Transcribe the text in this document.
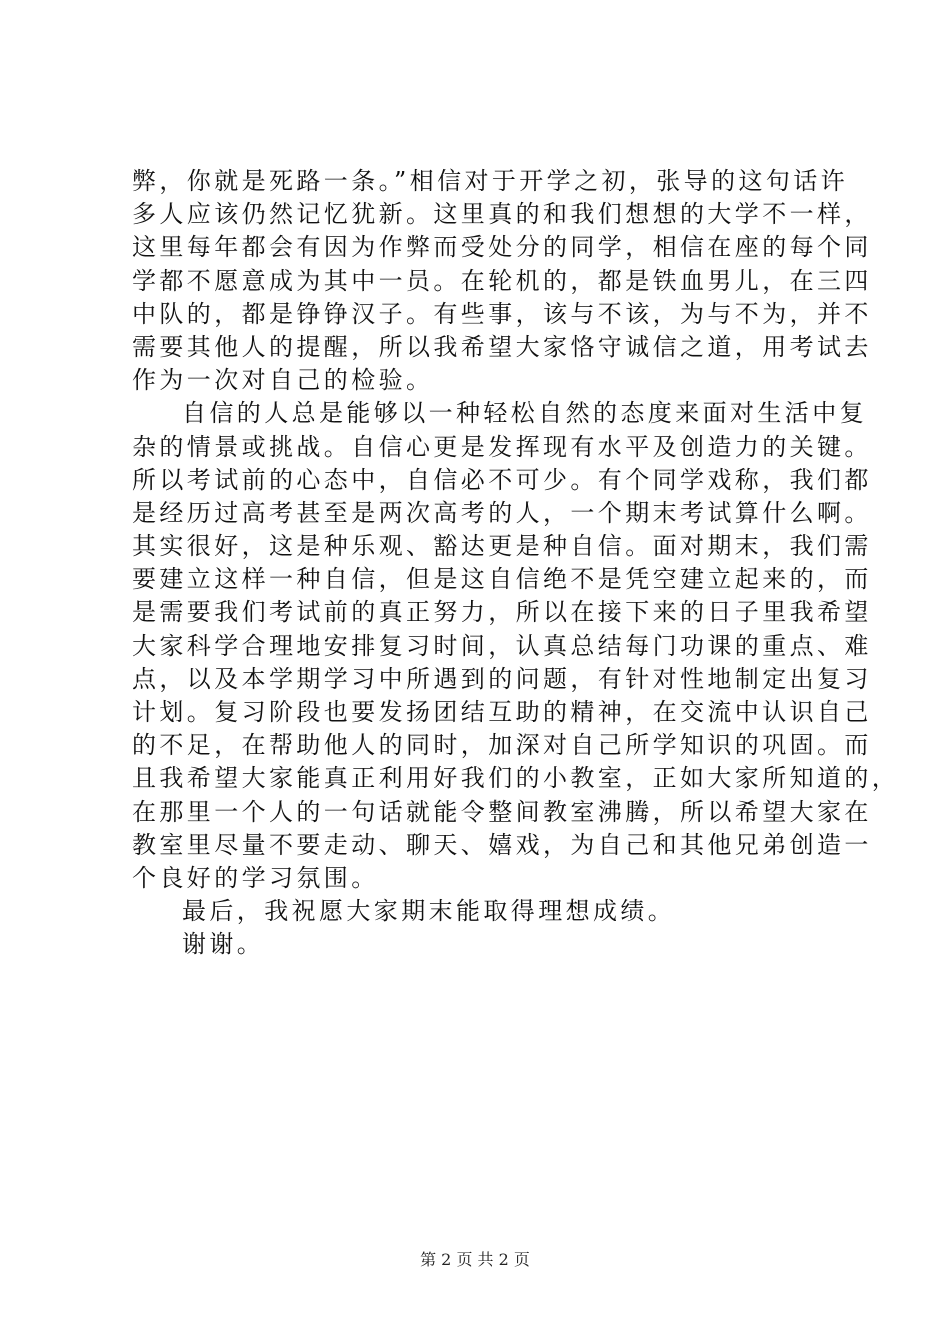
弊，你就是死路一条。”相信对于开学之初，张导的这句话许
多人应该仍然记忆犹新。这里真的和我们想想的大学不一样，
这里每年都会有因为作弊而受处分的同学，相信在座的每个同
学都不愿意成为其中一员。在轮机的，都是铁血男儿，在三四
中队的，都是铮铮汉子。有些事，该与不该，为与不为，并不
需要其他人的提醒，所以我希望大家恪守诚信之道，用考试去
作为一次对自己的检验。
自信的人总是能够以一种轻松自然的态度来面对生活中复
杂的情景或挑战。自信心更是发挥现有水平及创造力的关键。
所以考试前的心态中，自信必不可少。有个同学戏称，我们都
是经历过高考甚至是两次高考的人，一个期末考试算什么啊。
其实很好，这是种乐观、豁达更是种自信。面对期末，我们需
要建立这样一种自信，但是这自信绝不是凭空建立起来的，而
是需要我们考试前的真正努力，所以在接下来的日子里我希望
大家科学合理地安排复习时间，认真总结每门功课的重点、难
点，以及本学期学习中所遇到的问题，有针对性地制定出复习
计划。复习阶段也要发扬团结互助的精神，在交流中认识自己
的不足，在帮助他人的同时，加深对自己所学知识的巩固。而
且我希望大家能真正利用好我们的小教室，正如大家所知道的，
在那里一个人的一句话就能令整间教室沸腾，所以希望大家在
教室里尽量不要走动、聊天、嬉戏，为自己和其他兄弟创造一
个良好的学习氛围。
最后，我祝愿大家期末能取得理想成绩。
谢谢。
第 2 页 共 2 页
